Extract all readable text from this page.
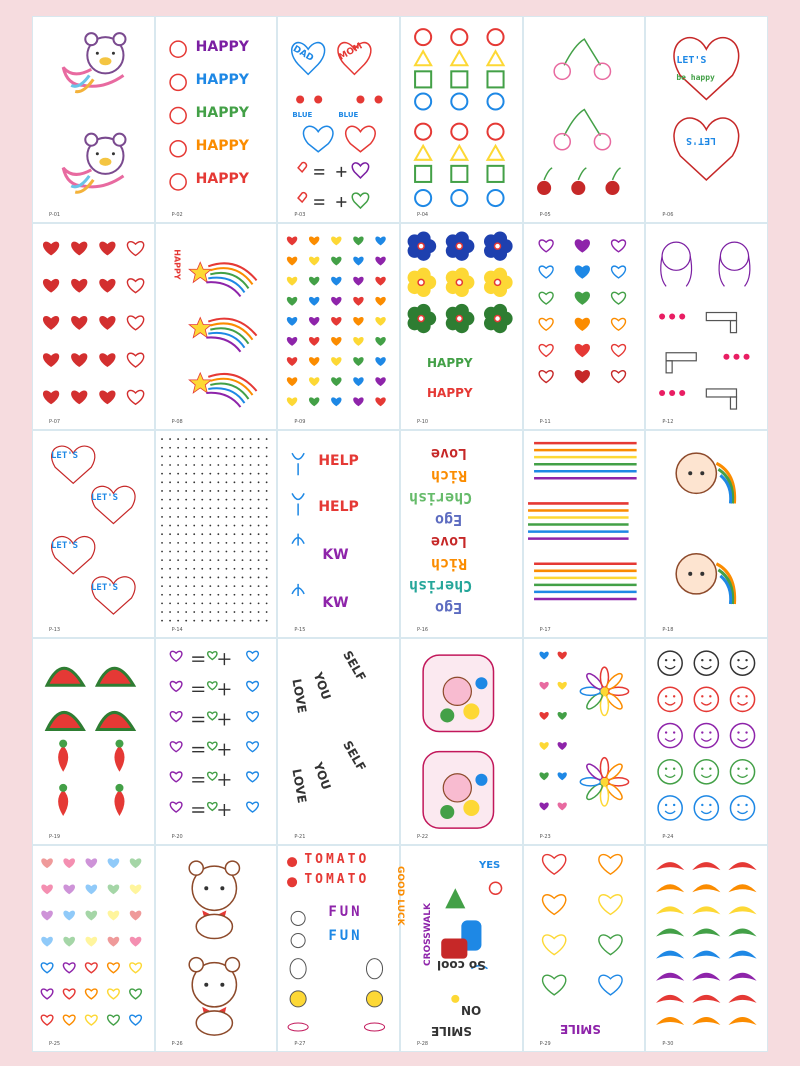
P-01
HAPPY
HAPPY
HAPPY
HAPPY
HAPPY
P-02
DAD MOM
BLUE	BLUE
P-03	P-04	P-05
LET'S
be happy
LET'S
P-06
P-07
HAPPY
P-08	P-09
HAPPY
HAPPY
P-10	P-11	P-12
LET'S
LET'S
LET'S
LET'S
P-13	P-14
HELP
HELP
KW
KW
P-15
Love
Rich
Cherish
Ego
Love
Rich
Cherish
Ego
P-16	P-17	P-18
P-19	P-20
SELF
YOU
LOVE
SELF
YOU
LOVE
P-21	P-22	P-23	P-24
P-25	P-26
TOMATO
TOMATO
FUN
FUN
P-27
GOOD LUCK
CROSSWALK
YES
So cool
NO
SMILE
P-28
SMILE
P-29	P-30
